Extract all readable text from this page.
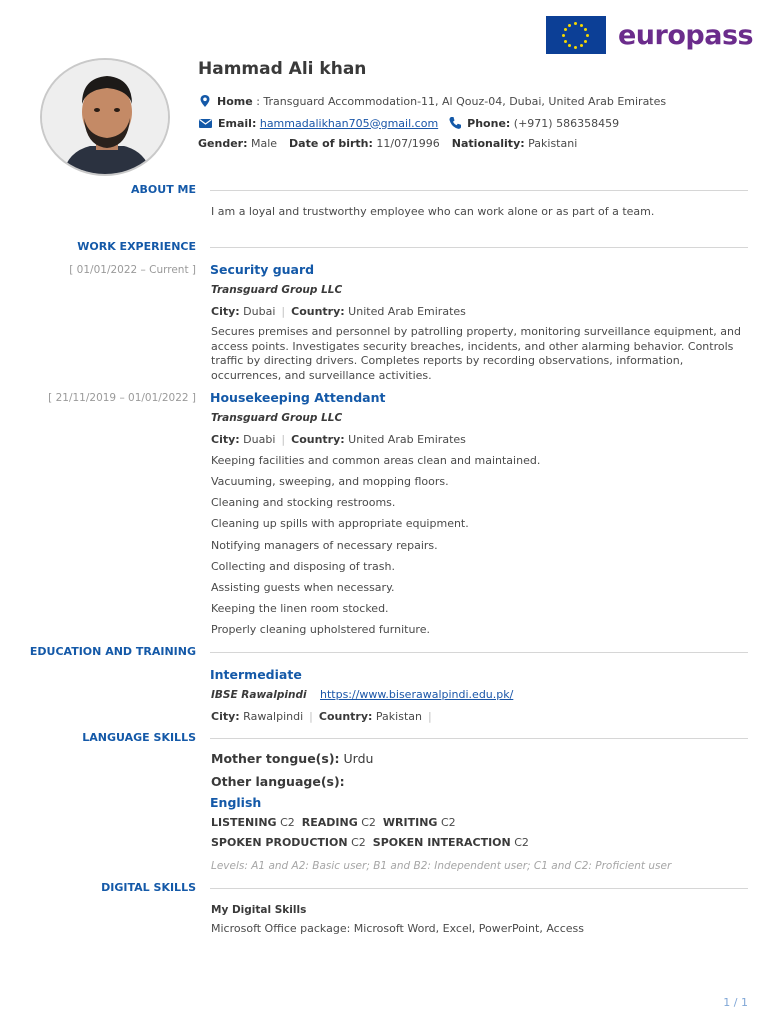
europass
Hammad Ali khan
Home
: Transguard Accommodation-11, Al Qouz-04, Dubai, United Arab Emirates
Email:
hammadalikhan705@gmail.com	Phone:
(+971) 586358459
Gender:
Male Date of birth:
11/07/1996 Nationality:
Pakistani
ABOUT ME
I am a loyal and trustworthy employee who can work alone or as part of a team.
WORK EXPERIENCE
[ 01/01/2022 – Current ] Security guard
Transguard Group LLC
City: Dubai | Country: United Arab Emirates
Secures premises and personnel by patrolling property, monitoring surveillance equipment, and access points. Investigates security breaches, incidents, and other alarming behavior. Controls traffic by directing drivers. Completes reports by recording observations, information, occurrences, and surveillance activities.
[ 21/11/2019 – 01/01/2022 ] Housekeeping Attendant
Transguard Group LLC
City: Duabi | Country: United Arab Emirates
Keeping facilities and common areas clean and maintained.
Vacuuming, sweeping, and mopping floors.
Cleaning and stocking restrooms.
Cleaning up spills with appropriate equipment.
Notifying managers of necessary repairs.
Collecting and disposing of trash.
Assisting guests when necessary.
Keeping the linen room stocked.
Properly cleaning upholstered furniture.
EDUCATION AND TRAINING
Intermediate
IBSE Rawalpindi https://www.biserawalpindi.edu.pk/
City: Rawalpindi | Country: Pakistan |
LANGUAGE SKILLS
Mother tongue(s): Urdu
Other language(s):
English
LISTENING C2 READING C2 WRITING C2
SPOKEN PRODUCTION C2 SPOKEN INTERACTION C2
Levels: A1 and A2: Basic user; B1 and B2: Independent user; C1 and C2: Proficient user
DIGITAL SKILLS
My Digital Skills
Microsoft Office package: Microsoft Word, Excel, PowerPoint, Access
1 / 1
